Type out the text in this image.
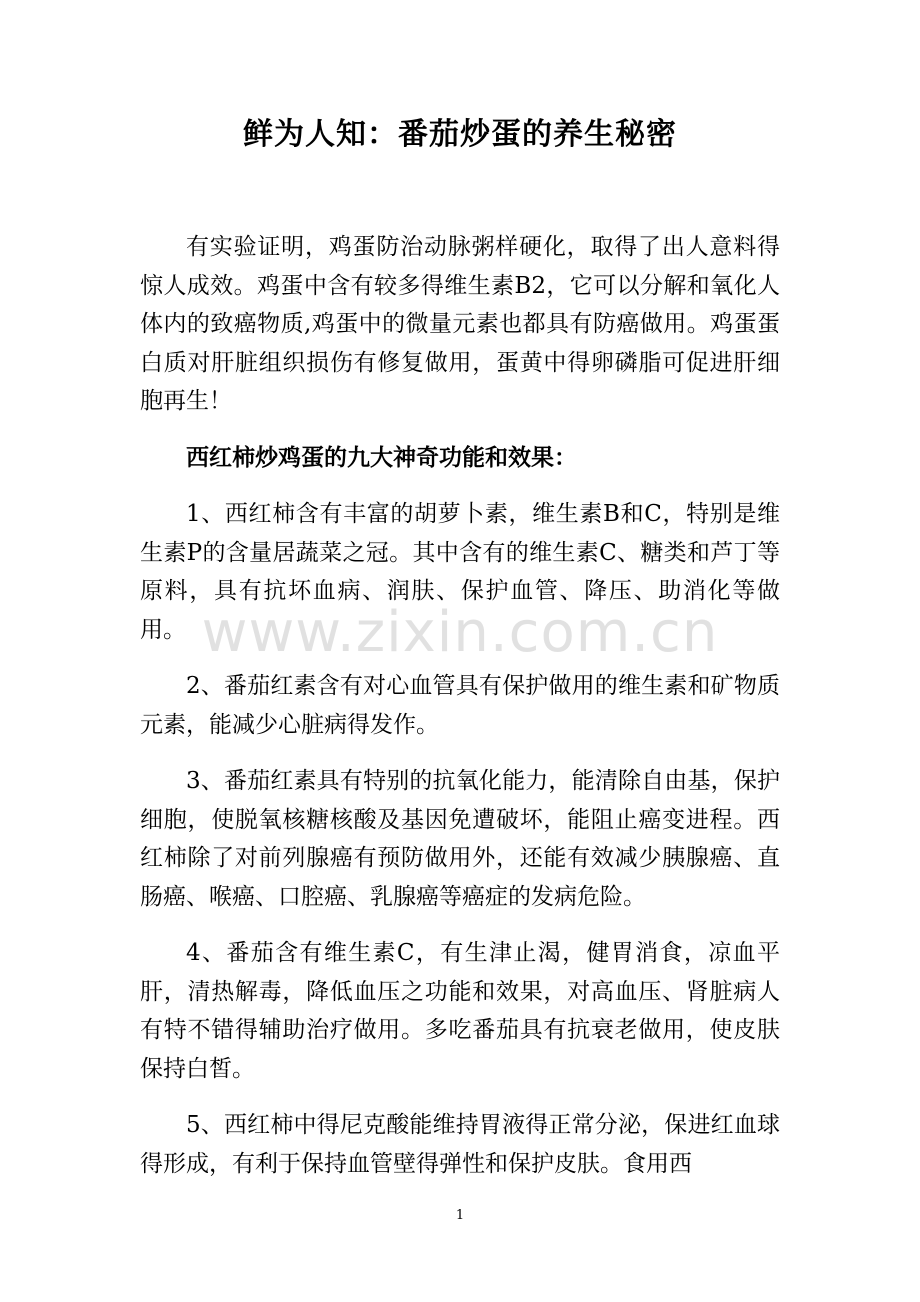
鲜为人知：番茄炒蛋的养生秘密

有实验证明，鸡蛋防治动脉粥样硬化，取得了出人意料得惊人成效。鸡蛋中含有较多得维生素B2，它可以分解和氧化人体内的致癌物质,鸡蛋中的微量元素也都具有防癌做用。鸡蛋蛋白质对肝脏组织损伤有修复做用，蛋黄中得卵磷脂可促进肝细胞再生！

西红柿炒鸡蛋的九大神奇功能和效果：

1、西红柿含有丰富的胡萝卜素，维生素B和C，特别是维生素P的含量居蔬菜之冠。其中含有的维生素C、糖类和芦丁等原料，具有抗坏血病、润肤、保护血管、降压、助消化等做用。

2、番茄红素含有对心血管具有保护做用的维生素和矿物质元素，能减少心脏病得发作。

3、番茄红素具有特别的抗氧化能力，能清除自由基，保护细胞，使脱氧核糖核酸及基因免遭破坏，能阻止癌变进程。西红柿除了对前列腺癌有预防做用外，还能有效减少胰腺癌、直肠癌、喉癌、口腔癌、乳腺癌等癌症的发病危险。

4、番茄含有维生素C，有生津止渴，健胃消食，凉血平肝，清热解毒，降低血压之功能和效果，对高血压、肾脏病人有特不错得辅助治疗做用。多吃番茄具有抗衰老做用，使皮肤保持白皙。

5、西红柿中得尼克酸能维持胃液得正常分泌，保进红血球得形成，有利于保持血管壁得弹性和保护皮肤。食用西

www.zixin.com.cn
1
